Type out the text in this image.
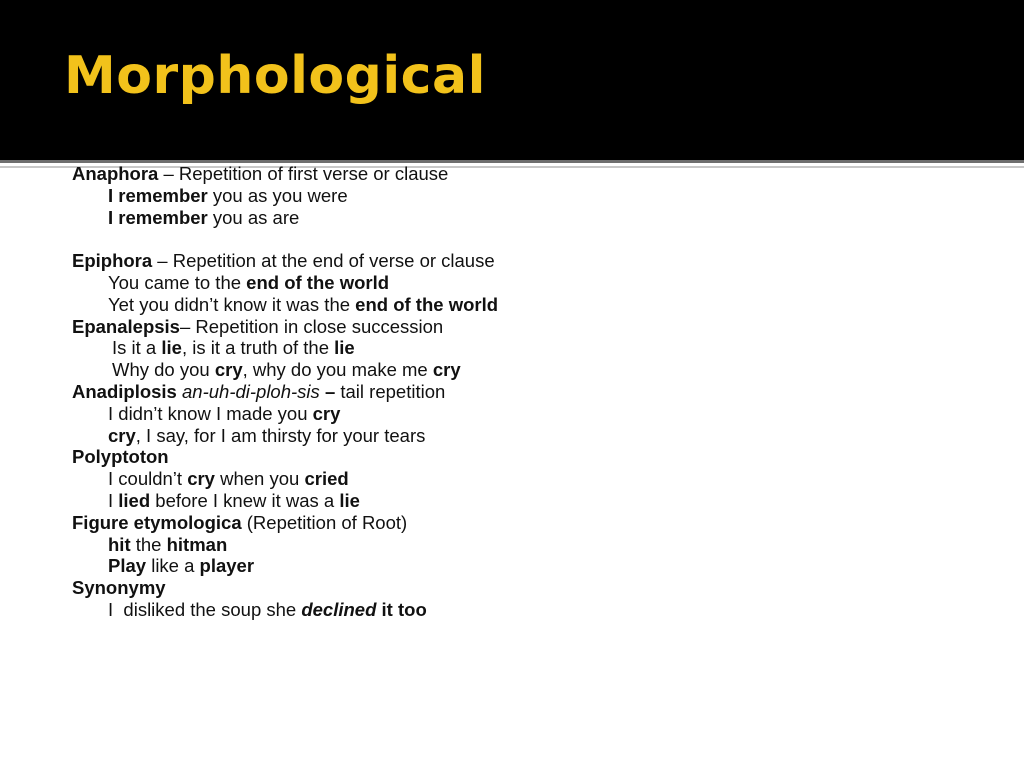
Morphological
Anaphora – Repetition of first verse or clause
I remember you as you were
I remember you as are
Epiphora – Repetition at the end of verse or clause
You came to the end of the world
Yet you didn’t know it was the end of the world
Epanalepsis– Repetition in close succession
Is it a lie, is it a truth of the lie
Why do you cry, why do you make me cry
Anadiplosis an-uh-di-ploh-sis – tail repetition
I didn’t know I made you cry
cry, I say, for I am thirsty for your tears
Polyptoton
I couldn’t cry when you cried
I lied before I knew it was a lie
Figure etymologica (Repetition of Root)
hit the hitman
Play like a player
Synonymy
I  disliked the soup she declined it too
